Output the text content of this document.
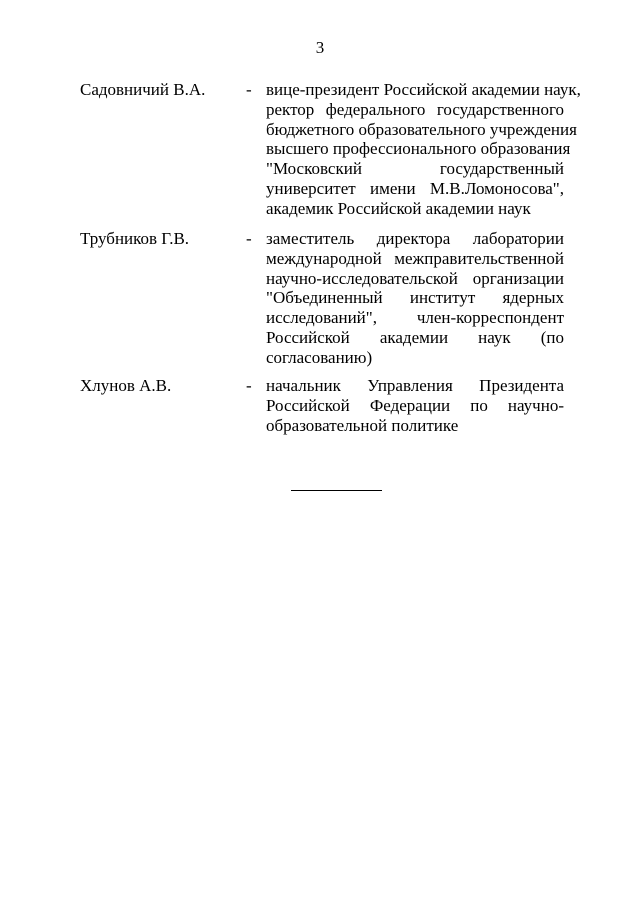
3
Садовничий В.А. - вице-президент Российской академии наук,
ректор федерального государственного
бюджетного образовательного учреждения
высшего профессионального образования
"Московский государственный
университет имени М.В.Ломоносова",
академик Российской академии наук
Трубников Г.В.	- заместитель директора лаборатории
международной межправительственной
научно-исследовательской организации
"Объединенный институт ядерных
исследований", член-корреспондент
Российской академии наук (по
согласованию)
Хлунов А.В.	- начальник Управления Президента
Российской Федерации по научно-
образовательной политике
